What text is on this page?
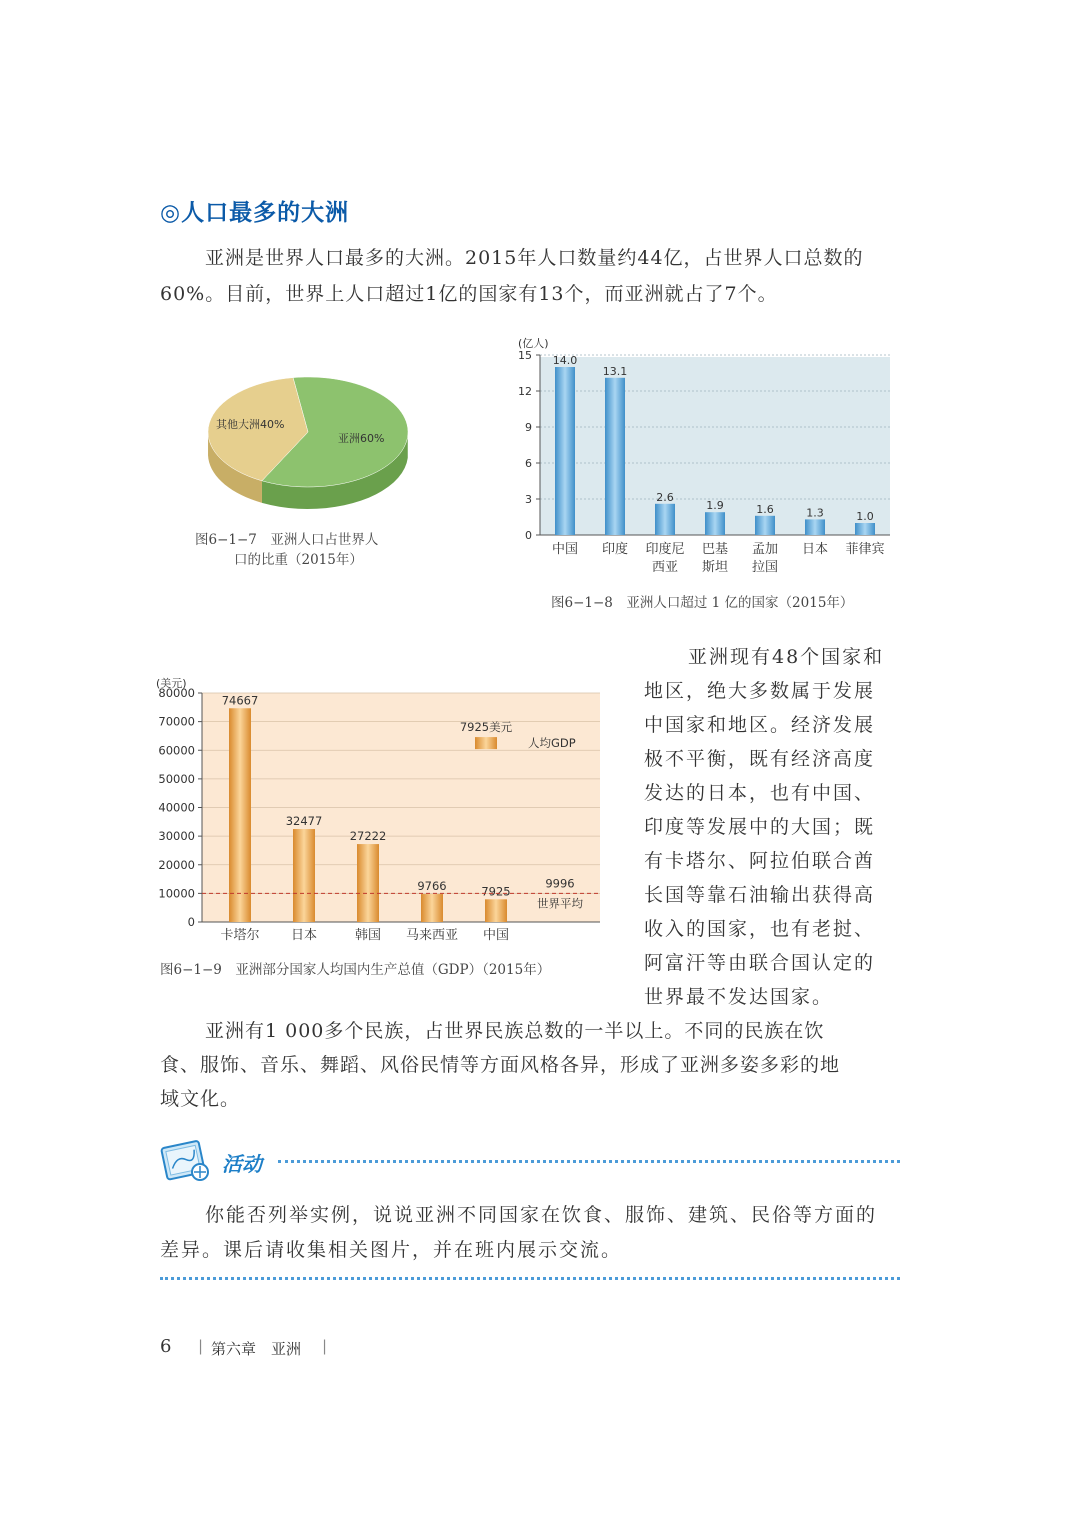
◎人口最多的大洲
亚洲是世界人口最多的大洲。2015年人口数量约44亿，占世界人口总数的
60%。目前，世界上人口超过1亿的国家有13个，而亚洲就占了7个。
亚洲60%
其他大洲40%
图6−1−7　亚洲人口占世界人
口的比重（2015年）
0
3
6
9
12
15
(亿人)
14.0
中国
13.1
印度
2.6
印度尼
西亚
1.9
巴基
斯坦
1.6
孟加
拉国
1.3
日本
1.0
菲律宾
图6−1−8　亚洲人口超过 1 亿的国家（2015年）
0
10000
20000
30000
40000
50000
60000
70000
80000
(美元)
74667
卡塔尔
32477
日本
27222
韩国
9766
马来西亚
7925
中国
9996
世界平均
7925美元
人均GDP
图6−1−9　亚洲部分国家人均国内生产总值（GDP）（2015年）
亚洲现有48个国家和
地区，绝大多数属于发展
中国家和地区。经济发展
极不平衡，既有经济高度
发达的日本，也有中国、
印度等发展中的大国；既
有卡塔尔、阿拉伯联合酋
长国等靠石油输出获得高
收入的国家，也有老挝、
阿富汗等由联合国认定的
世界最不发达国家。
亚洲有1 000多个民族，占世界民族总数的一半以上。不同的民族在饮
食、服饰、音乐、舞蹈、风俗民情等方面风格各异，形成了亚洲多姿多彩的地
域文化。
活动
你能否列举实例，说说亚洲不同国家在饮食、服饰、建筑、民俗等方面的
差异。课后请收集相关图片，并在班内展示交流。
6 | 第六章　亚洲 |
